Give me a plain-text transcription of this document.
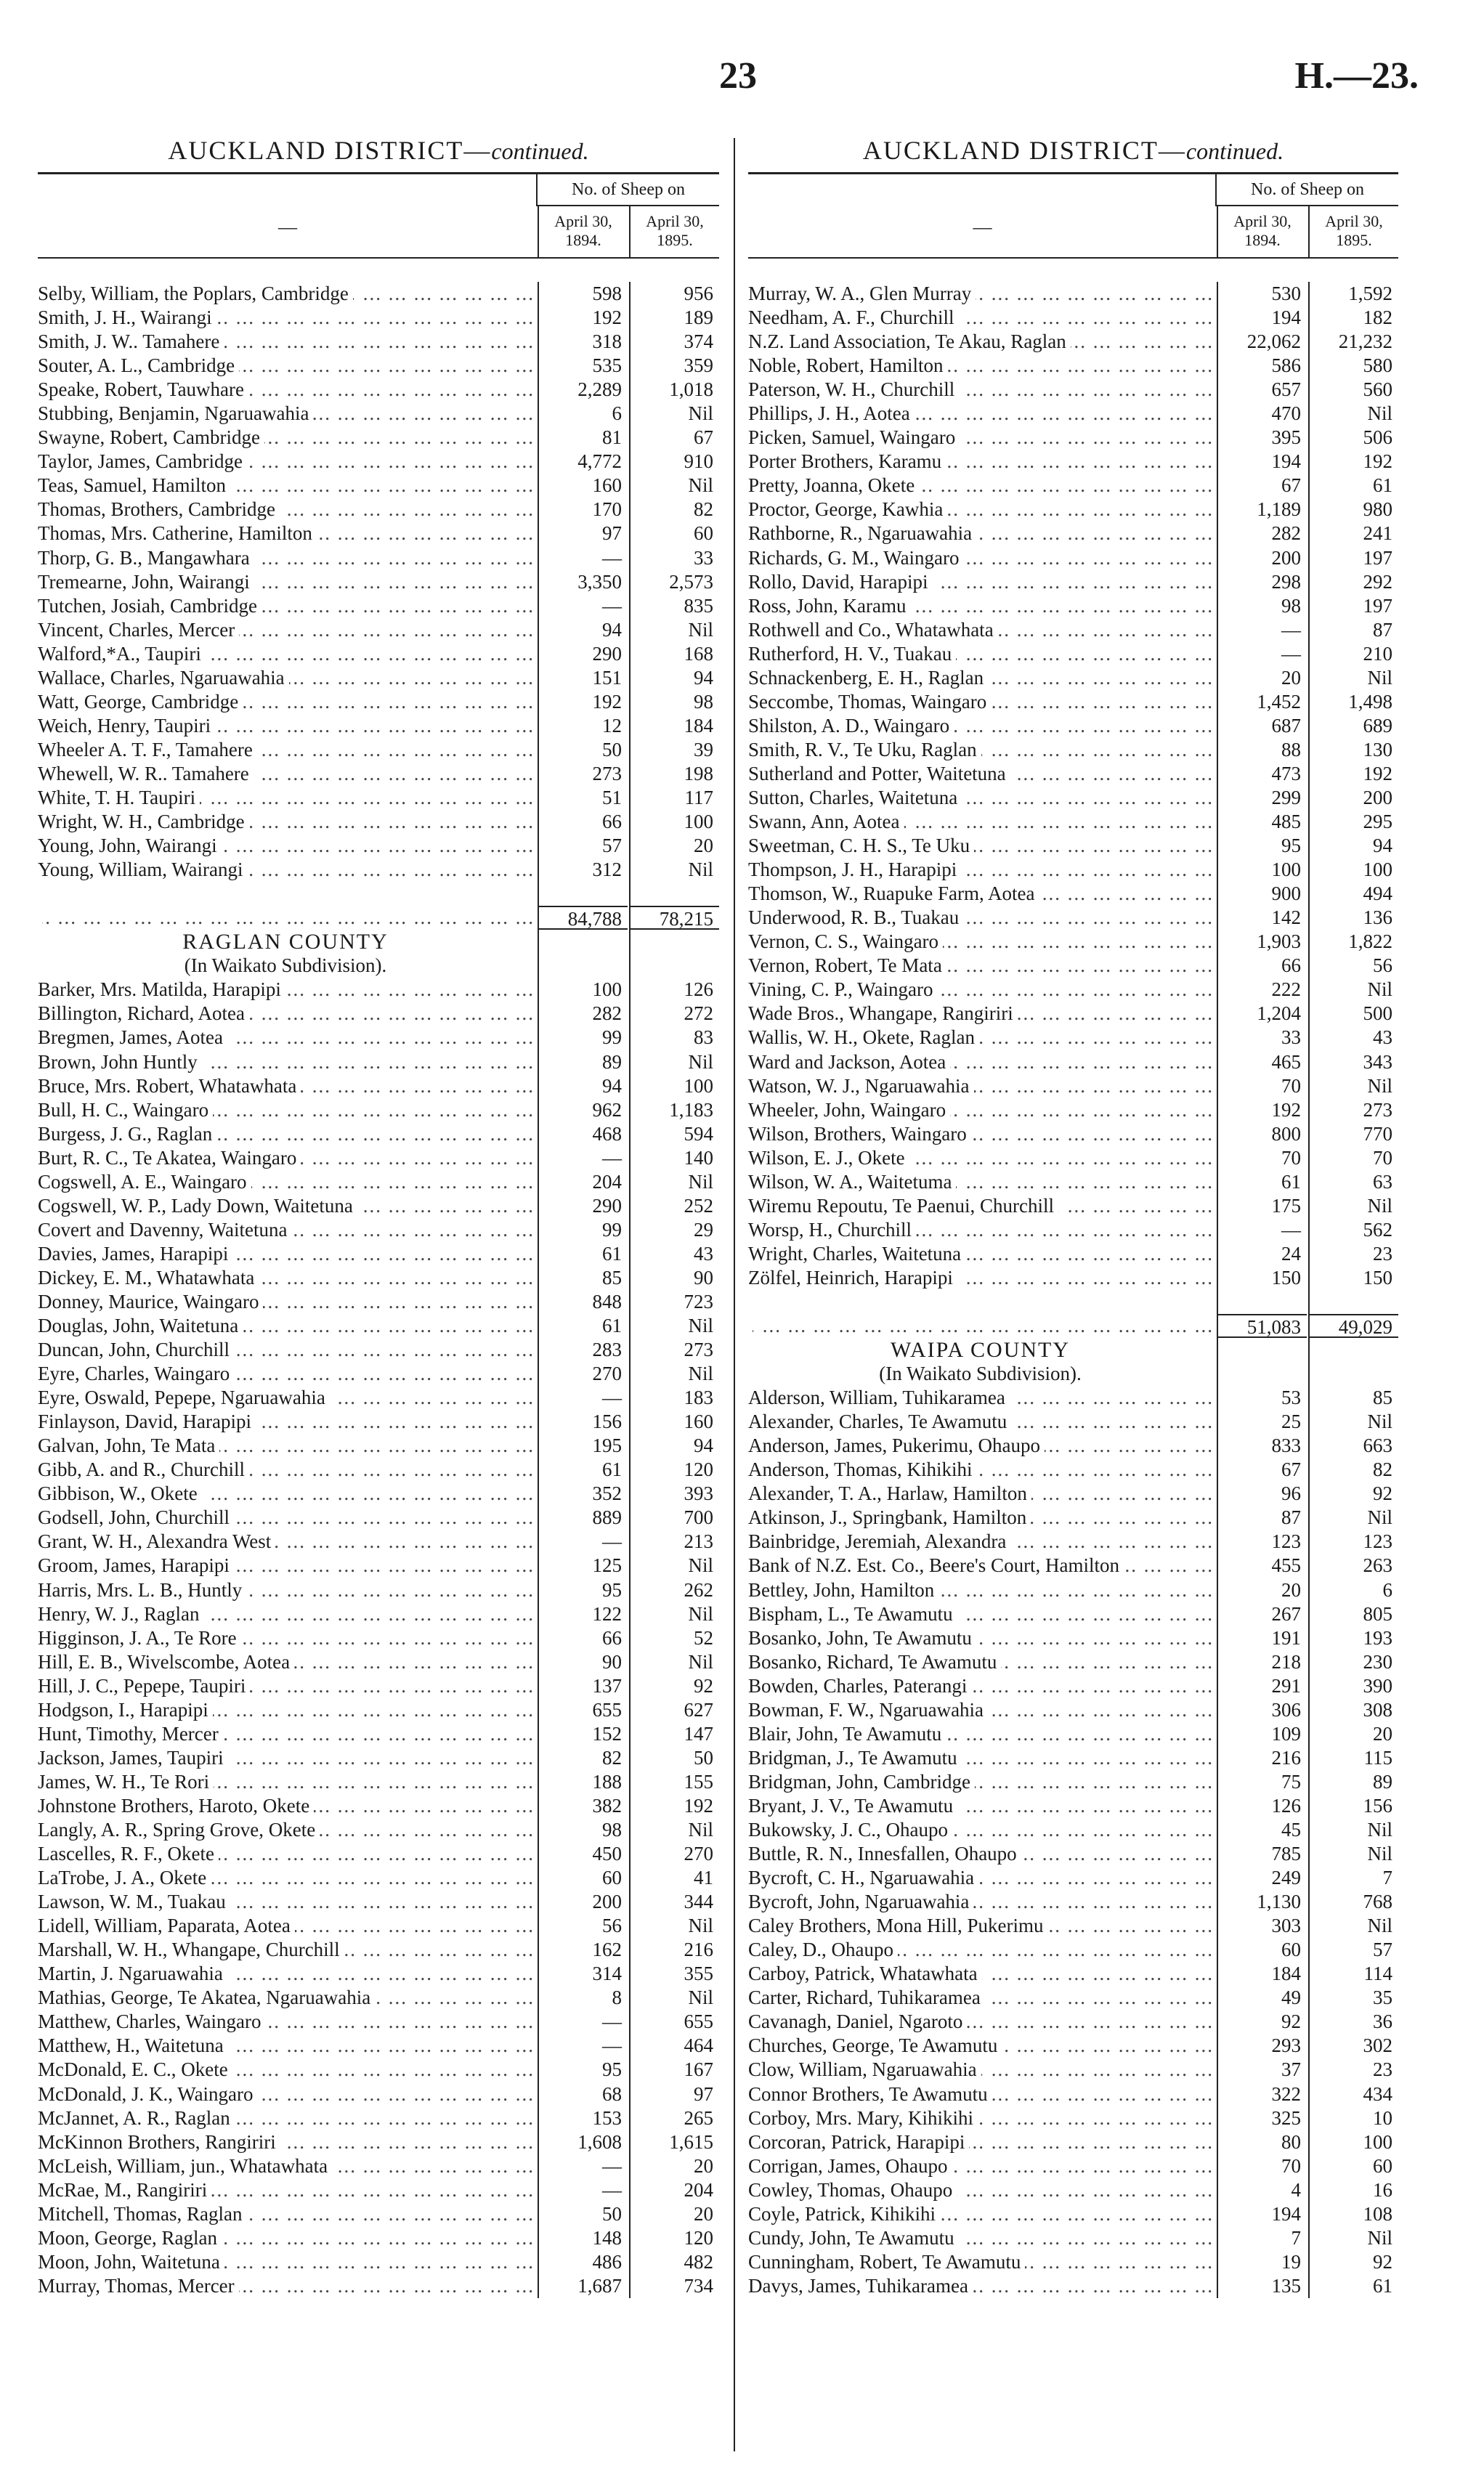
23	H.—23.
AUCKLAND DISTRICT—continued.
—
No. of Sheep on
April 30, 1894.
April 30, 1895.
Selby, William, the Poplars, Cambridge ... .	598	956
Smith, J. H., Wairangi ... .	192	189
Smith, J. W.. Tamahere ... .	318	374
Souter, A. L., Cambridge ... .	535	359
Speake, Robert, Tauwhare ... .	2,289	1,018
Stubbing, Benjamin, Ngaruawahia ... .	6	Nil
Swayne, Robert, Cambridge ... .	81	67
Taylor, James, Cambridge ... .	4,772	910
Teas, Samuel, Hamilton ... .	160	Nil
Thomas, Brothers, Cambridge ... .	170	82
Thomas, Mrs. Catherine, Hamilton ... .	97	60
Thorp, G. B., Mangawhara ... .	—	33
Tremearne, John, Wairangi ... .	3,350	2,573
Tutchen, Josiah, Cambridge ... .	—	835
Vincent, Charles, Mercer ... .	94	Nil
Walford,*A., Taupiri ... .	290	168
Wallace, Charles, Ngaruawahia ... .	151	94
Watt, George, Cambridge ... .	192	98
Weich, Henry, Taupiri ... .	12	184
Wheeler A. T. F., Tamahere ... .	50	39
Whewell, W. R.. Tamahere ... .	273	198
White, T. H. Taupiri ... .	51	117
Wright, W. H., Cambridge ... .	66	100
Young, John, Wairangi ... .	57	20
Young, William, Wairangi ... .	312	Nil
... .
84,788	78,215
RAGLAN COUNTY
(In Waikato Subdivision).
Barker, Mrs. Matilda, Harapipi ... .	100	126
Billington, Richard, Aotea ... .	282	272
Bregmen, James, Aotea ... .	99	83
Brown, John Huntly ... .	89	Nil
Bruce, Mrs. Robert, Whatawhata ... .	94	100
Bull, H. C., Waingaro ... .	962	1,183
Burgess, J. G., Raglan ... .	468	594
Burt, R. C., Te Akatea, Waingaro ... .	—	140
Cogswell, A. E., Waingaro ... .	204	Nil
Cogswell, W. P., Lady Down, Waitetuna ... .	290	252
Covert and Davenny, Waitetuna ... .	99	29
Davies, James, Harapipi ... .	61	43
Dickey, E. M., Whatawhata ... .	85	90
Donney, Maurice, Waingaro ... .	848	723
Douglas, John, Waitetuna ... .	61	Nil
Duncan, John, Churchill ... .	283	273
Eyre, Charles, Waingaro ... .	270	Nil
Eyre, Oswald, Pepepe, Ngaruawahia ... .	—	183
Finlayson, David, Harapipi ... .	156	160
Galvan, John, Te Mata ... .	195	94
Gibb, A. and R., Churchill ... .	61	120
Gibbison, W., Okete ... .	352	393
Godsell, John, Churchill ... .	889	700
Grant, W. H., Alexandra West ... .	—	213
Groom, James, Harapipi ... .	125	Nil
Harris, Mrs. L. B., Huntly ... .	95	262
Henry, W. J., Raglan ... .	122	Nil
Higginson, J. A., Te Rore ... .	66	52
Hill, E. B., Wivelscombe, Aotea ... .	90	Nil
Hill, J. C., Pepepe, Taupiri ... .	137	92
Hodgson, I., Harapipi ... .	655	627
Hunt, Timothy, Mercer ... .	152	147
Jackson, James, Taupiri ... .	82	50
James, W. H., Te Rori ... .	188	155
Johnstone Brothers, Haroto, Okete ... .	382	192
Langly, A. R., Spring Grove, Okete ... .	98	Nil
Lascelles, R. F., Okete ... .	450	270
LaTrobe, J. A., Okete ... .	60	41
Lawson, W. M., Tuakau ... .	200	344
Lidell, William, Paparata, Aotea ... .	56	Nil
Marshall, W. H., Whangape, Churchill ... .	162	216
Martin, J. Ngaruawahia ... .	314	355
Mathias, George, Te Akatea, Ngaruawahia ... .	8	Nil
Matthew, Charles, Waingaro ... .	—	655
Matthew, H., Waitetuna ... .	—	464
McDonald, E. C., Okete ... .	95	167
McDonald, J. K., Waingaro ... .	68	97
McJannet, A. R., Raglan ... .	153	265
McKinnon Brothers, Rangiriri ... .	1,608	1,615
McLeish, William, jun., Whatawhata ... .	—	20
McRae, M., Rangiriri ... .	—	204
Mitchell, Thomas, Raglan ... .	50	20
Moon, George, Raglan ... .	148	120
Moon, John, Waitetuna ... .	486	482
Murray, Thomas, Mercer ... .	1,687	734
AUCKLAND DISTRICT—continued.
—
No. of Sheep on
April 30, 1894.
April 30, 1895.
Murray, W. A., Glen Murray ... .	530	1,592
Needham, A. F., Churchill ... .	194	182
N.Z. Land Association, Te Akau, Raglan ... .	22,062	21,232
Noble, Robert, Hamilton ... .	586	580
Paterson, W. H., Churchill ... .	657	560
Phillips, J. H., Aotea ... .	470	Nil
Picken, Samuel, Waingaro ... .	395	506
Porter Brothers, Karamu ... .	194	192
Pretty, Joanna, Okete ... .	67	61
Proctor, George, Kawhia ... .	1,189	980
Rathborne, R., Ngaruawahia ... .	282	241
Richards, G. M., Waingaro ... .	200	197
Rollo, David, Harapipi ... .	298	292
Ross, John, Karamu ... .	98	197
Rothwell and Co., Whatawhata ... .	—	87
Rutherford, H. V., Tuakau ... .	—	210
Schnackenberg, E. H., Raglan ... .	20	Nil
Seccombe, Thomas, Waingaro ... .	1,452	1,498
Shilston, A. D., Waingaro ... .	687	689
Smith, R. V., Te Uku, Raglan ... .	88	130
Sutherland and Potter, Waitetuna ... .	473	192
Sutton, Charles, Waitetuna ... .	299	200
Swann, Ann, Aotea ... .	485	295
Sweetman, C. H. S., Te Uku ... .	95	94
Thompson, J. H., Harapipi ... .	100	100
Thomson, W., Ruapuke Farm, Aotea ... .	900	494
Underwood, R. B., Tuakau ... .	142	136
Vernon, C. S., Waingaro ... .	1,903	1,822
Vernon, Robert, Te Mata ... .	66	56
Vining, C. P., Waingaro ... .	222	Nil
Wade Bros., Whangape, Rangiriri ... .	1,204	500
Wallis, W. H., Okete, Raglan ... .	33	43
Ward and Jackson, Aotea ... .	465	343
Watson, W. J., Ngaruawahia ... .	70	Nil
Wheeler, John, Waingaro ... .	192	273
Wilson, Brothers, Waingaro ... .	800	770
Wilson, E. J., Okete ... .	70	70
Wilson, W. A., Waitetuma ... .	61	63
Wiremu Repoutu, Te Paenui, Churchill ... .	175	Nil
Worsp, H., Churchill ... .	—	562
Wright, Charles, Waitetuna ... .	24	23
Zölfel, Heinrich, Harapipi ... .	150	150
... .
51,083	49,029
WAIPA COUNTY
(In Waikato Subdivision).
Alderson, William, Tuhikaramea ... .	53	85
Alexander, Charles, Te Awamutu ... .	25	Nil
Anderson, James, Pukerimu, Ohaupo ... .	833	663
Anderson, Thomas, Kihikihi ... .	67	82
Alexander, T. A., Harlaw, Hamilton ... .	96	92
Atkinson, J., Springbank, Hamilton ... .	87	Nil
Bainbridge, Jeremiah, Alexandra ... .	123	123
Bank of N.Z. Est. Co., Beere's Court, Hamilton ... .	455	263
Bettley, John, Hamilton ... .	20	6
Bispham, L., Te Awamutu ... .	267	805
Bosanko, John, Te Awamutu ... .	191	193
Bosanko, Richard, Te Awamutu ... .	218	230
Bowden, Charles, Paterangi ... .	291	390
Bowman, F. W., Ngaruawahia ... .	306	308
Blair, John, Te Awamutu ... .	109	20
Bridgman, J., Te Awamutu ... .	216	115
Bridgman, John, Cambridge ... .	75	89
Bryant, J. V., Te Awamutu ... .	126	156
Bukowsky, J. C., Ohaupo ... .	45	Nil
Buttle, R. N., Innesfallen, Ohaupo ... .	785	Nil
Bycroft, C. H., Ngaruawahia ... .	249	7
Bycroft, John, Ngaruawahia ... .	1,130	768
Caley Brothers, Mona Hill, Pukerimu ... .	303	Nil
Caley, D., Ohaupo ... .	60	57
Carboy, Patrick, Whatawhata ... .	184	114
Carter, Richard, Tuhikaramea ... .	49	35
Cavanagh, Daniel, Ngaroto ... .	92	36
Churches, George, Te Awamutu ... .	293	302
Clow, William, Ngaruawahia ... .	37	23
Connor Brothers, Te Awamutu ... .	322	434
Corboy, Mrs. Mary, Kihikihi ... .	325	10
Corcoran, Patrick, Harapipi ... .	80	100
Corrigan, James, Ohaupo ... .	70	60
Cowley, Thomas, Ohaupo ... .	4	16
Coyle, Patrick, Kihikihi ... .	194	108
Cundy, John, Te Awamutu ... .	7	Nil
Cunningham, Robert, Te Awamutu ... .	19	92
Davys, James, Tuhikaramea ... .	135	61
